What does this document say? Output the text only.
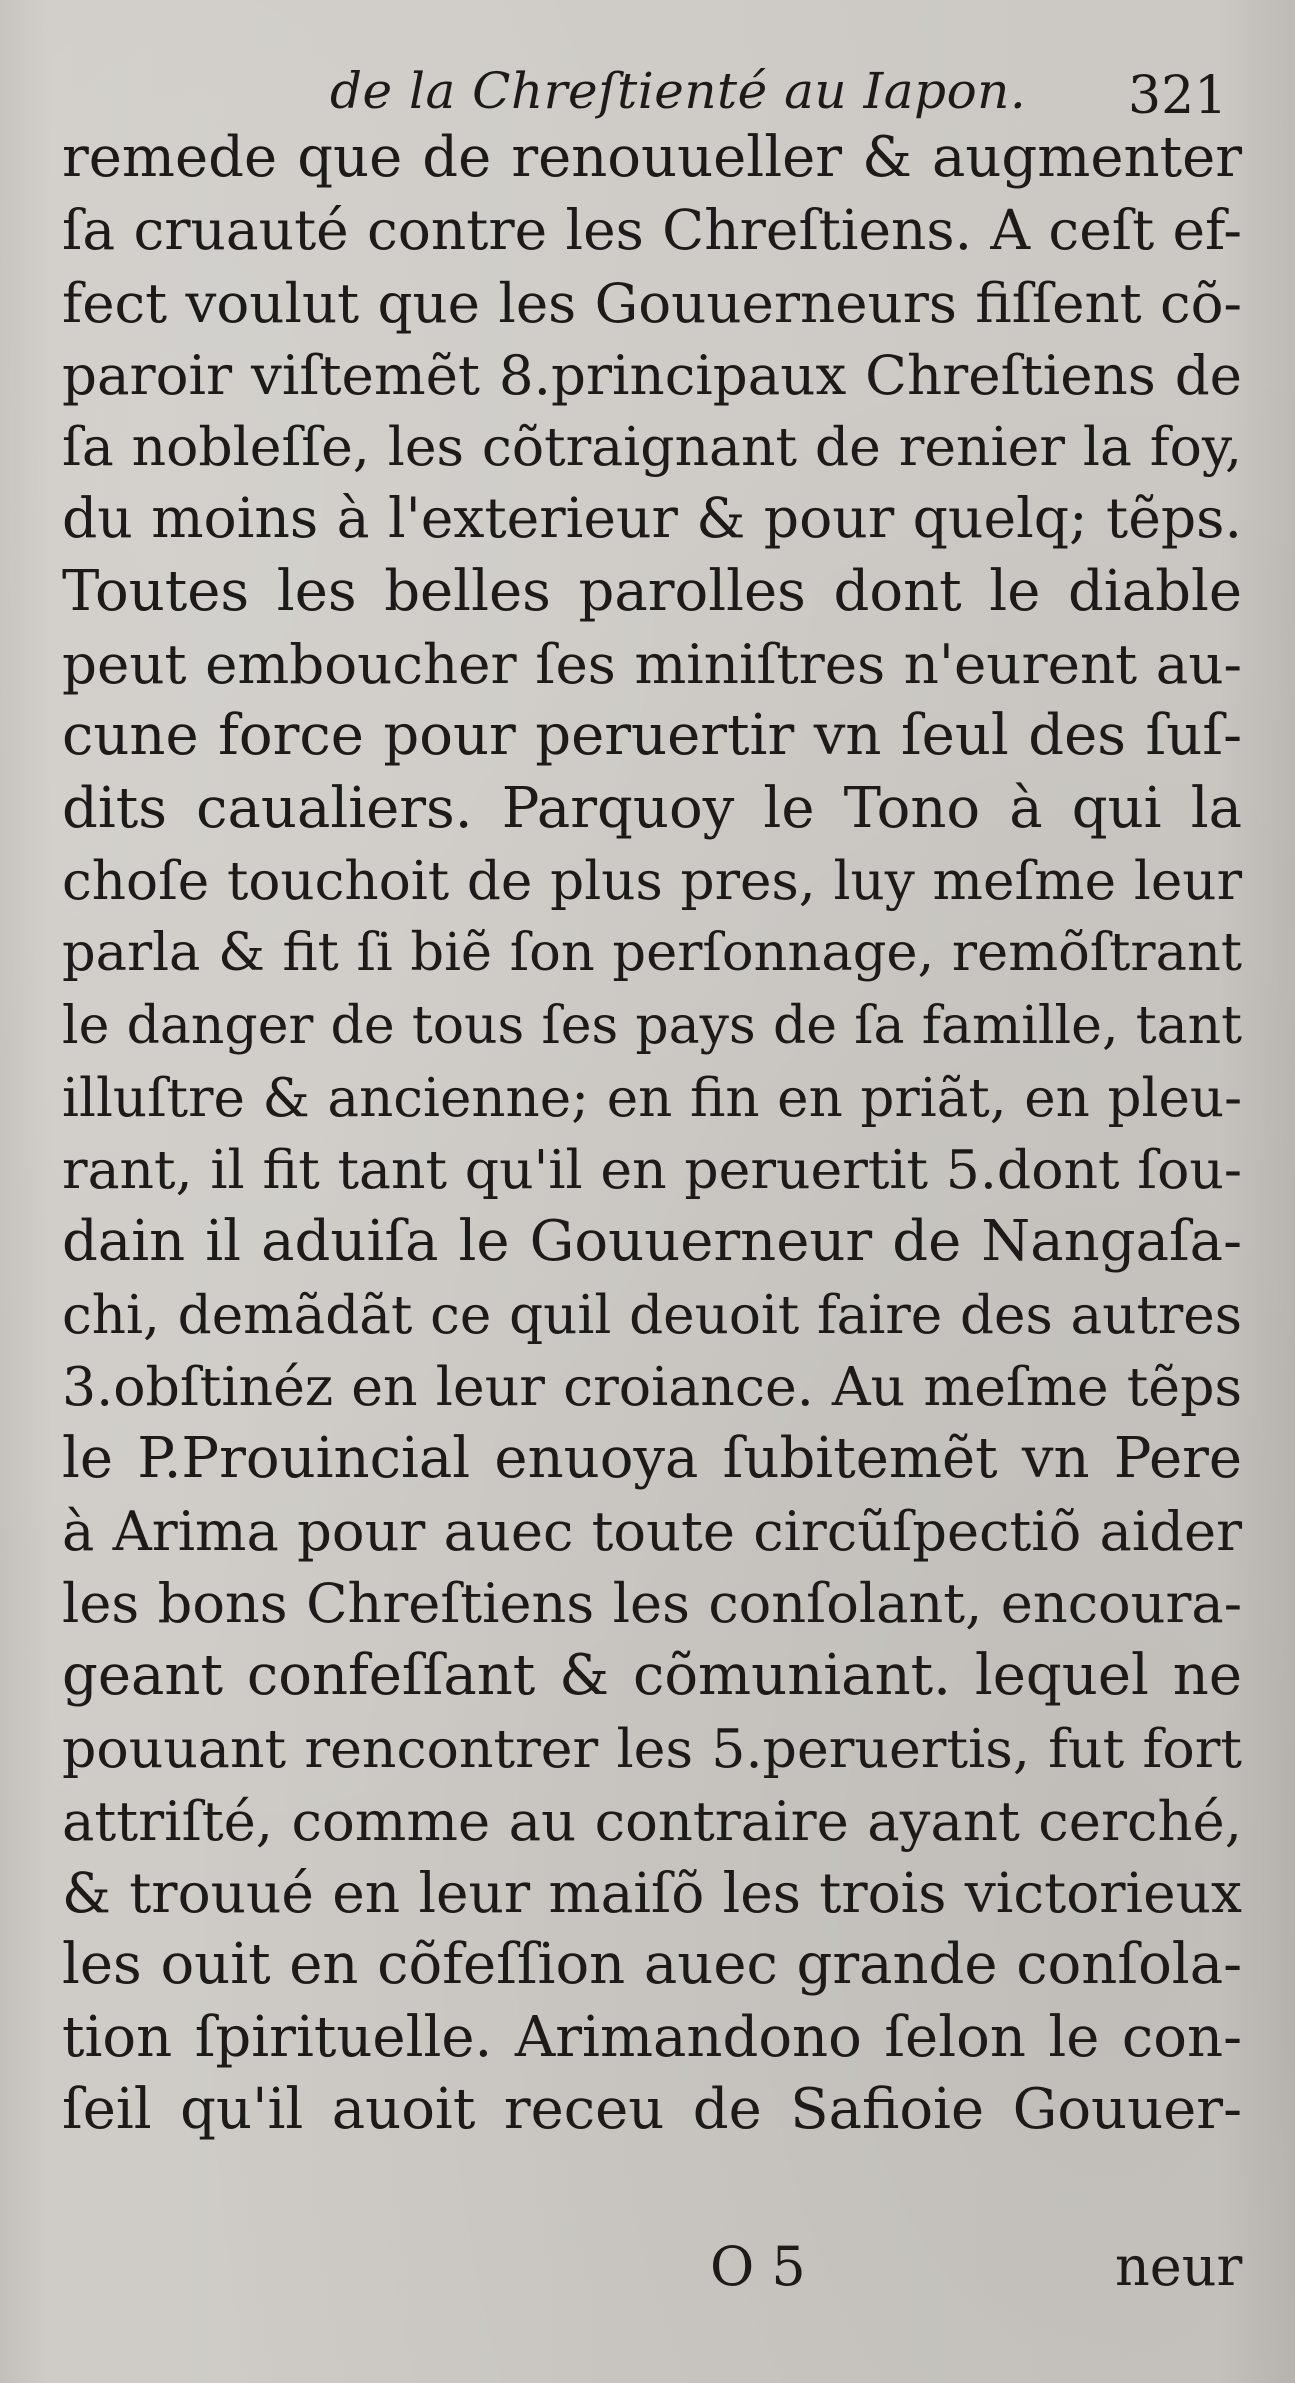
de la Chreſtienté au Iapon. 321
remede que de renouueller & augmenter
ſa cruauté contre les Chreſtiens. A ceſt ef-
fect voulut que les Gouuerneurs fiſſent cõ-
paroir viſtemẽt 8.principaux Chreſtiens de
ſa nobleſſe, les cõtraignant de renier la foy,
du moins à l'exterieur & pour quelq; tẽps.
Toutes les belles parolles dont le diable
peut emboucher ſes miniſtres n'eurent au-
cune force pour peruertir vn ſeul des ſuſ-
dits caualiers. Parquoy le Tono à qui la
choſe touchoit de plus pres, luy meſme leur
parla & fit ſi biẽ ſon perſonnage, remõſtrant
le danger de tous ſes pays de ſa famille, tant
illuſtre & ancienne; en fin en priãt, en pleu-
rant, il fit tant qu'il en peruertit 5.dont ſou-
dain il aduiſa le Gouuerneur de Nangaſa-
chi, demãdãt ce quil deuoit faire des autres
3.obſtinéz en leur croiance. Au meſme tẽps
le P.Prouincial enuoya ſubitemẽt vn Pere
à Arima pour auec toute circũſpectiõ aider
les bons Chreſtiens les conſolant, encoura-
geant confeſſant & cõmuniant. lequel ne
pouuant rencontrer les 5.peruertis, fut fort
attriſté, comme au contraire ayant cerché,
& trouué en leur maiſõ les trois victorieux
les ouit en cõfeſſion auec grande conſola-
tion ſpirituelle. Arimandono ſelon le con-
ſeil qu'il auoit receu de Safioie Gouuer-
O 5	neur
